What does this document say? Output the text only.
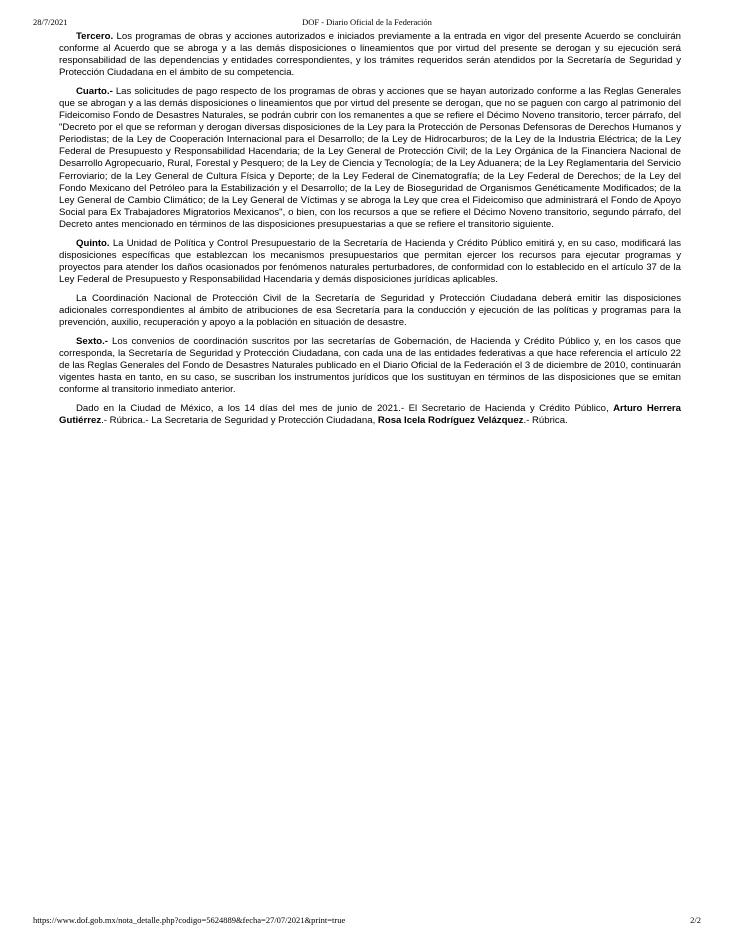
28/7/2021	DOF - Diario Oficial de la Federación

Tercero. Los programas de obras y acciones autorizados e iniciados previamente a la entrada en vigor del presente Acuerdo se concluirán conforme al Acuerdo que se abroga y a las demás disposiciones o lineamientos que por virtud del presente se derogan y su ejecución será responsabilidad de las dependencias y entidades correspondientes, y los trámites requeridos serán atendidos por la Secretaría de Seguridad y Protección Ciudadana en el ámbito de su competencia.

Cuarto.- Las solicitudes de pago respecto de los programas de obras y acciones que se hayan autorizado conforme a las Reglas Generales que se abrogan y a las demás disposiciones o lineamientos que por virtud del presente se derogan, que no se paguen con cargo al patrimonio del Fideicomiso Fondo de Desastres Naturales, se podrán cubrir con los remanentes a que se refiere el Décimo Noveno transitorio, tercer párrafo, del "Decreto por el que se reforman y derogan diversas disposiciones de la Ley para la Protección de Personas Defensoras de Derechos Humanos y Periodistas; de la Ley de Cooperación Internacional para el Desarrollo; de la Ley de Hidrocarburos; de la Ley de la Industria Eléctrica; de la Ley Federal de Presupuesto y Responsabilidad Hacendaria; de la Ley General de Protección Civil; de la Ley Orgánica de la Financiera Nacional de Desarrollo Agropecuario, Rural, Forestal y Pesquero; de la Ley de Ciencia y Tecnología; de la Ley Aduanera; de la Ley Reglamentaria del Servicio Ferroviario; de la Ley General de Cultura Física y Deporte; de la Ley Federal de Cinematografía; de la Ley Federal de Derechos; de la Ley del Fondo Mexicano del Petróleo para la Estabilización y el Desarrollo; de la Ley de Bioseguridad de Organismos Genéticamente Modificados; de la Ley General de Cambio Climático; de la Ley General de Víctimas y se abroga la Ley que crea el Fideicomiso que administrará el Fondo de Apoyo Social para Ex Trabajadores Migratorios Mexicanos", o bien, con los recursos a que se refiere el Décimo Noveno transitorio, segundo párrafo, del Decreto antes mencionado en términos de las disposiciones presupuestarias a que se refiere el transitorio siguiente.

Quinto. La Unidad de Política y Control Presupuestario de la Secretaría de Hacienda y Crédito Público emitirá y, en su caso, modificará las disposiciones específicas que establezcan los mecanismos presupuestarios que permitan ejercer los recursos para ejecutar programas y proyectos para atender los daños ocasionados por fenómenos naturales perturbadores, de conformidad con lo establecido en el artículo 37 de la Ley Federal de Presupuesto y Responsabilidad Hacendaria y demás disposiciones jurídicas aplicables.

La Coordinación Nacional de Protección Civil de la Secretaría de Seguridad y Protección Ciudadana deberá emitir las disposiciones adicionales correspondientes al ámbito de atribuciones de esa Secretaría para la conducción y ejecución de las políticas y programas para la prevención, auxilio, recuperación y apoyo a la población en situación de desastre.

Sexto.- Los convenios de coordinación suscritos por las secretarías de Gobernación, de Hacienda y Crédito Público y, en los casos que corresponda, la Secretaría de Seguridad y Protección Ciudadana, con cada una de las entidades federativas a que hace referencia el artículo 22 de las Reglas Generales del Fondo de Desastres Naturales publicado en el Diario Oficial de la Federación el 3 de diciembre de 2010, continuarán vigentes hasta en tanto, en su caso, se suscriban los instrumentos jurídicos que los sustituyan en términos de las disposiciones que se emitan conforme al transitorio inmediato anterior.

Dado en la Ciudad de México, a los 14 días del mes de junio de 2021.- El Secretario de Hacienda y Crédito Público, Arturo Herrera Gutiérrez.- Rúbrica.- La Secretaria de Seguridad y Protección Ciudadana, Rosa Icela Rodríguez Velázquez.- Rúbrica.

https://www.dof.gob.mx/nota_detalle.php?codigo=5624889&fecha=27/07/2021&print=true	2/2
